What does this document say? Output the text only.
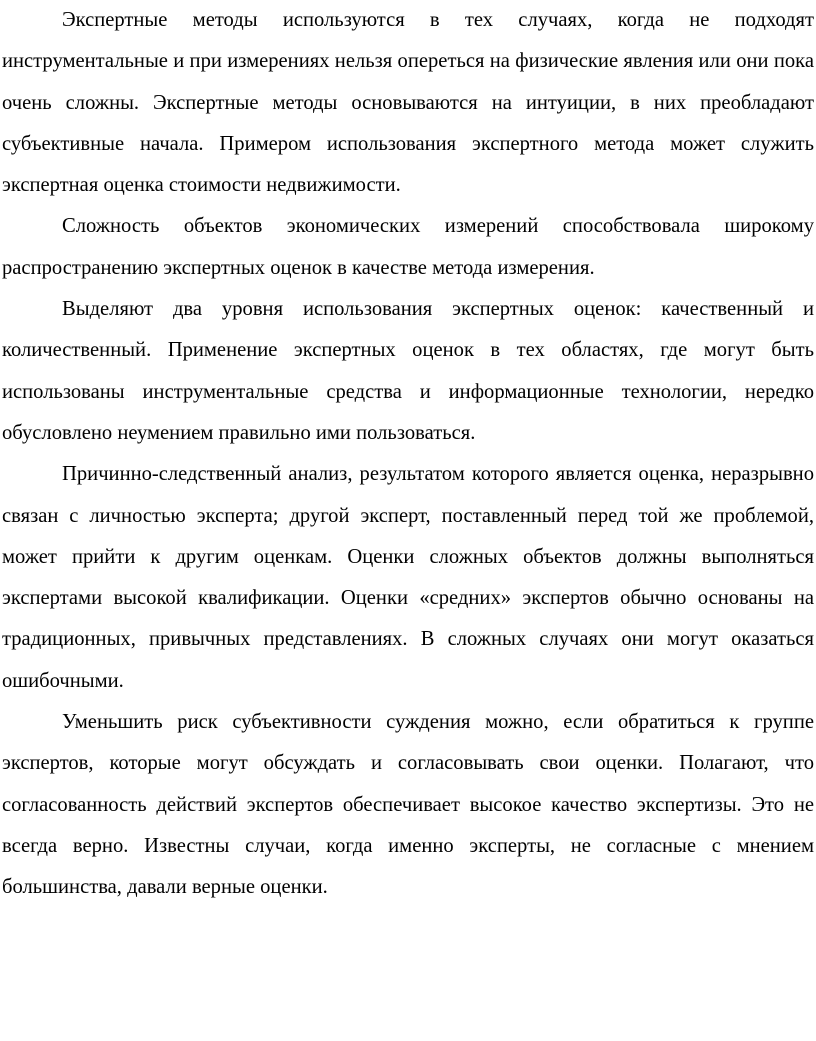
Экспертные методы используются в тех случаях, когда не подходят инструментальные и при измерениях нельзя опереться на физические явления или они пока очень сложны. Экспертные методы основываются на интуиции, в них преобладают субъективные начала. Примером использования экспертного метода может служить экспертная оценка стоимости недвижимости.

Сложность объектов экономических измерений способствовала широкому распространению экспертных оценок в качестве метода измерения.

Выделяют два уровня использования экспертных оценок: качественный и количественный. Применение экспертных оценок в тех областях, где могут быть использованы инструментальные средства и информационные технологии, нередко обусловлено неумением правильно ими пользоваться.

Причинно-следственный анализ, результатом которого является оценка, неразрывно связан с личностью эксперта; другой эксперт, поставленный перед той же проблемой, может прийти к другим оценкам. Оценки сложных объектов должны выполняться экспертами высокой квалификации. Оценки «средних» экспертов обычно основаны на традиционных, привычных представлениях. В сложных случаях они могут оказаться ошибочными.

Уменьшить риск субъективности суждения можно, если обратиться к группе экспертов, которые могут обсуждать и согласовывать свои оценки. Полагают, что согласованность действий экспертов обеспечивает высокое качество экспертизы. Это не всегда верно. Известны случаи, когда именно эксперты, не согласные с мнением большинства, давали верные оценки.
